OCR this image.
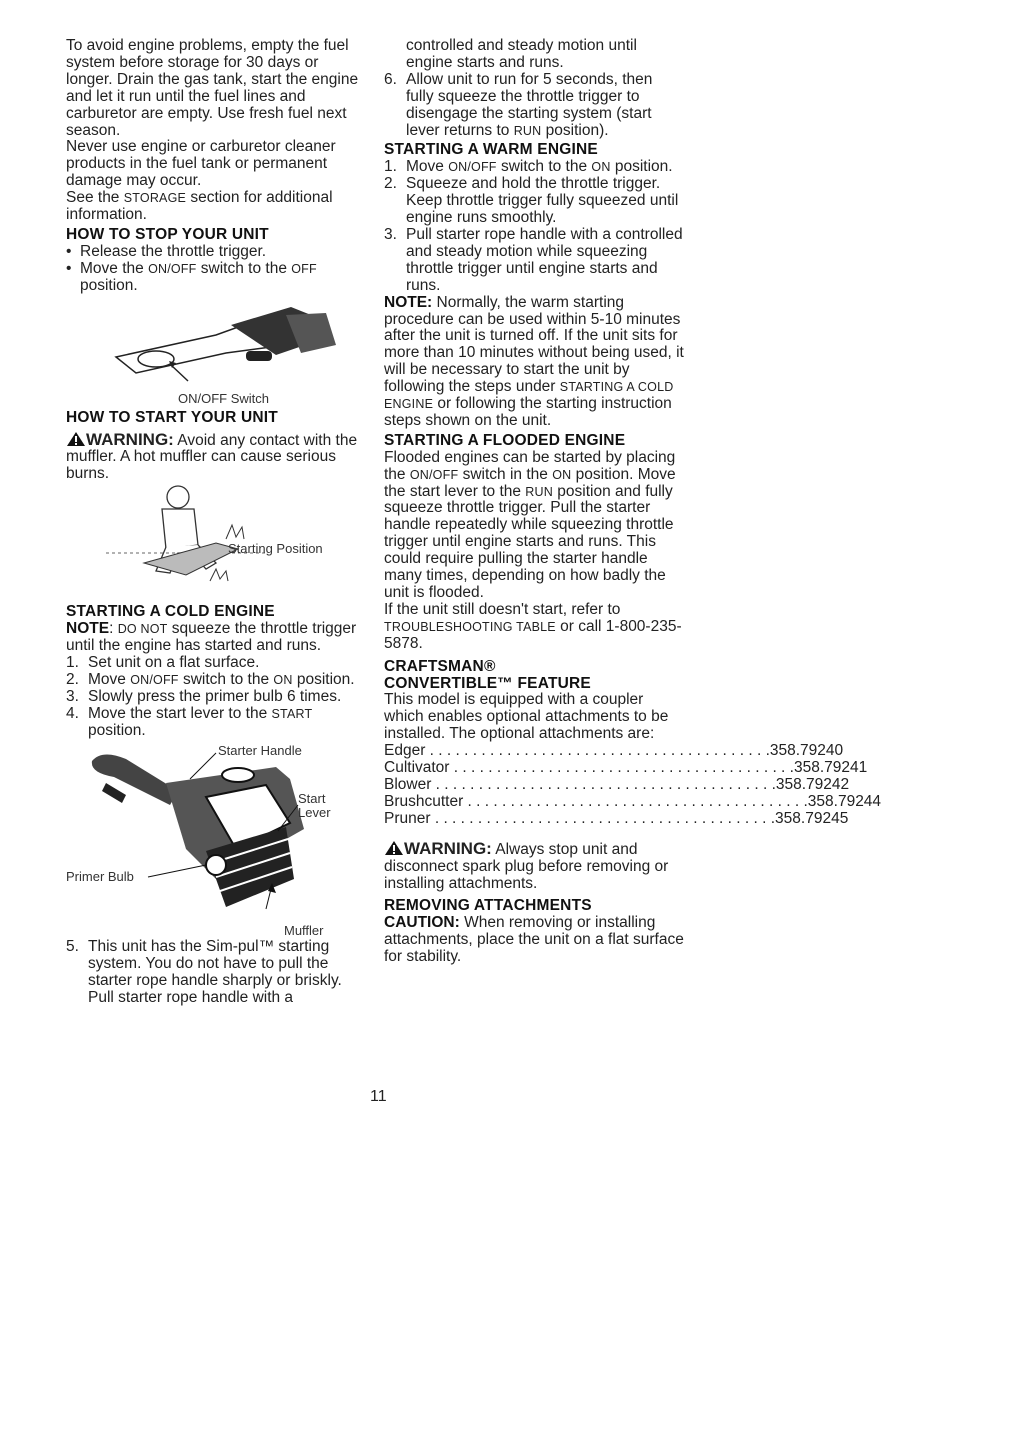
To avoid engine problems, empty the fuel system before storage for 30 days or longer. Drain the gas tank, start the engine and let it run until the fuel lines and carburetor are empty. Use fresh fuel next season.

Never use engine or carburetor cleaner products in the fuel tank or permanent damage may occur.

See the STORAGE section for additional information.

HOW TO STOP YOUR UNIT

• Release the throttle trigger.
• Move the ON/OFF switch to the OFF position.
ON/OFF Switch

HOW TO START YOUR UNIT

WARNING: Avoid any contact with the muffler. A hot muffler can cause serious burns.

Starting Position

STARTING A COLD ENGINE

NOTE: DO NOT squeeze the throttle trigger until the engine has started and runs.

1. Set unit on a flat surface.
2. Move ON/OFF switch to the ON position.
3. Slowly press the primer bulb 6 times.
4. Move the start lever to the START position.
Starter Handle
Start
Lever
Primer Bulb
Muffler
5. This unit has the Sim-pul™ starting system. You do not have to pull the starter rope handle sharply or briskly. Pull starter rope handle with a
controlled and steady motion until engine starts and runs.
6. Allow unit to run for 5 seconds, then fully squeeze the throttle trigger to disengage the starting system (start lever returns to RUN position).

STARTING A WARM ENGINE

1. Move ON/OFF switch to the ON position.
2. Squeeze and hold the throttle trigger. Keep throttle trigger fully squeezed until engine runs smoothly.
3. Pull starter rope handle with a controlled and steady motion while squeezing throttle trigger until engine starts and runs.

NOTE: Normally, the warm starting procedure can be used within 5-10 minutes after the unit is turned off. If the unit sits for more than 10 minutes without being used, it will be necessary to start the unit by following the steps under STARTING A COLD ENGINE or following the starting instruction steps shown on the unit.

STARTING A FLOODED ENGINE

Flooded engines can be started by placing the ON/OFF switch in the ON position. Move the start lever to the RUN position and fully squeeze throttle trigger. Pull the starter handle repeatedly while squeezing throttle trigger until engine starts and runs. This could require pulling the starter handle many times, depending on how badly the unit is flooded.

If the unit still doesn't start, refer to TROUBLESHOOTING TABLE or call 1-800-235-5878.

CRAFTSMAN®

CONVERTIBLE™ FEATURE

This model is equipped with a coupler which enables optional attachments to be installed. The optional attachments are:

Edger . . . . . . . . . . . . . . . . . . . . . . . . . . . . . . . . . . . . . . . . 358.79240
Cultivator . . . . . . . . . . . . . . . . . . . . . . . . . . . . . . . . . . . . . . . . 358.79241
Blower . . . . . . . . . . . . . . . . . . . . . . . . . . . . . . . . . . . . . . . . 358.79242
Brushcutter . . . . . . . . . . . . . . . . . . . . . . . . . . . . . . . . . . . . . . . . 358.79244
Pruner . . . . . . . . . . . . . . . . . . . . . . . . . . . . . . . . . . . . . . . . 358.79245

WARNING: Always stop unit and disconnect spark plug before removing or installing attachments.

REMOVING ATTACHMENTS

CAUTION: When removing or installing attachments, place the unit on a flat surface for stability.

11
